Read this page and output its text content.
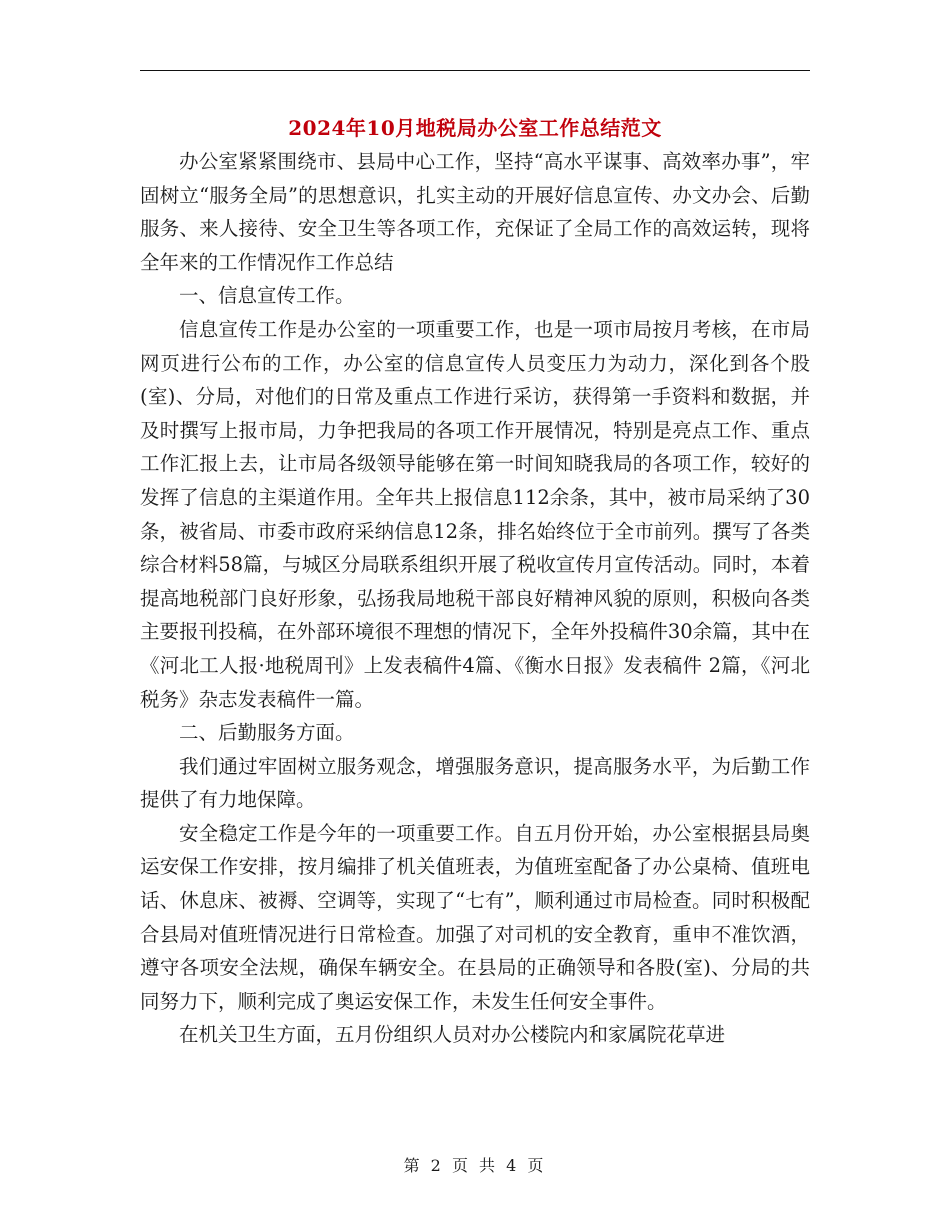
2024年10月地税局办公室工作总结范文

办公室紧紧围绕市、县局中心工作，坚持“高水平谋事、高效率办事”，牢固树立“服务全局”的思想意识，扎实主动的开展好信息宣传、办文办会、后勤服务、来人接待、安全卫生等各项工作，充保证了全局工作的高效运转，现将全年来的工作情况作工作总结

一、信息宣传工作。

信息宣传工作是办公室的一项重要工作，也是一项市局按月考核，在市局网页进行公布的工作，办公室的信息宣传人员变压力为动力，深化到各个股(室)、分局，对他们的日常及重点工作进行采访，获得第一手资料和数据，并及时撰写上报市局，力争把我局的各项工作开展情况，特别是亮点工作、重点工作汇报上去，让市局各级领导能够在第一时间知晓我局的各项工作，较好的发挥了信息的主渠道作用。全年共上报信息112余条，其中，被市局采纳了30条，被省局、市委市政府采纳信息12条，排名始终位于全市前列。撰写了各类综合材料58篇，与城区分局联系组织开展了税收宣传月宣传活动。同时，本着提高地税部门良好形象，弘扬我局地税干部良好精神风貌的原则，积极向各类主要报刊投稿，在外部环境很不理想的情况下，全年外投稿件30余篇，其中在《河北工人报·地税周刊》上发表稿件4篇、《衡水日报》发表稿件 2篇，《河北税务》杂志发表稿件一篇。

二、后勤服务方面。

我们通过牢固树立服务观念，增强服务意识，提高服务水平，为后勤工作提供了有力地保障。

安全稳定工作是今年的一项重要工作。自五月份开始，办公室根据县局奥运安保工作安排，按月编排了机关值班表，为值班室配备了办公桌椅、值班电话、休息床、被褥、空调等，实现了“七有”，顺利通过市局检查。同时积极配合县局对值班情况进行日常检查。加强了对司机的安全教育，重申不准饮酒，遵守各项安全法规，确保车辆安全。在县局的正确领导和各股(室)、分局的共同努力下，顺利完成了奥运安保工作，未发生任何安全事件。

在机关卫生方面，五月份组织人员对办公楼院内和家属院花草进

第 2 页 共 4 页
